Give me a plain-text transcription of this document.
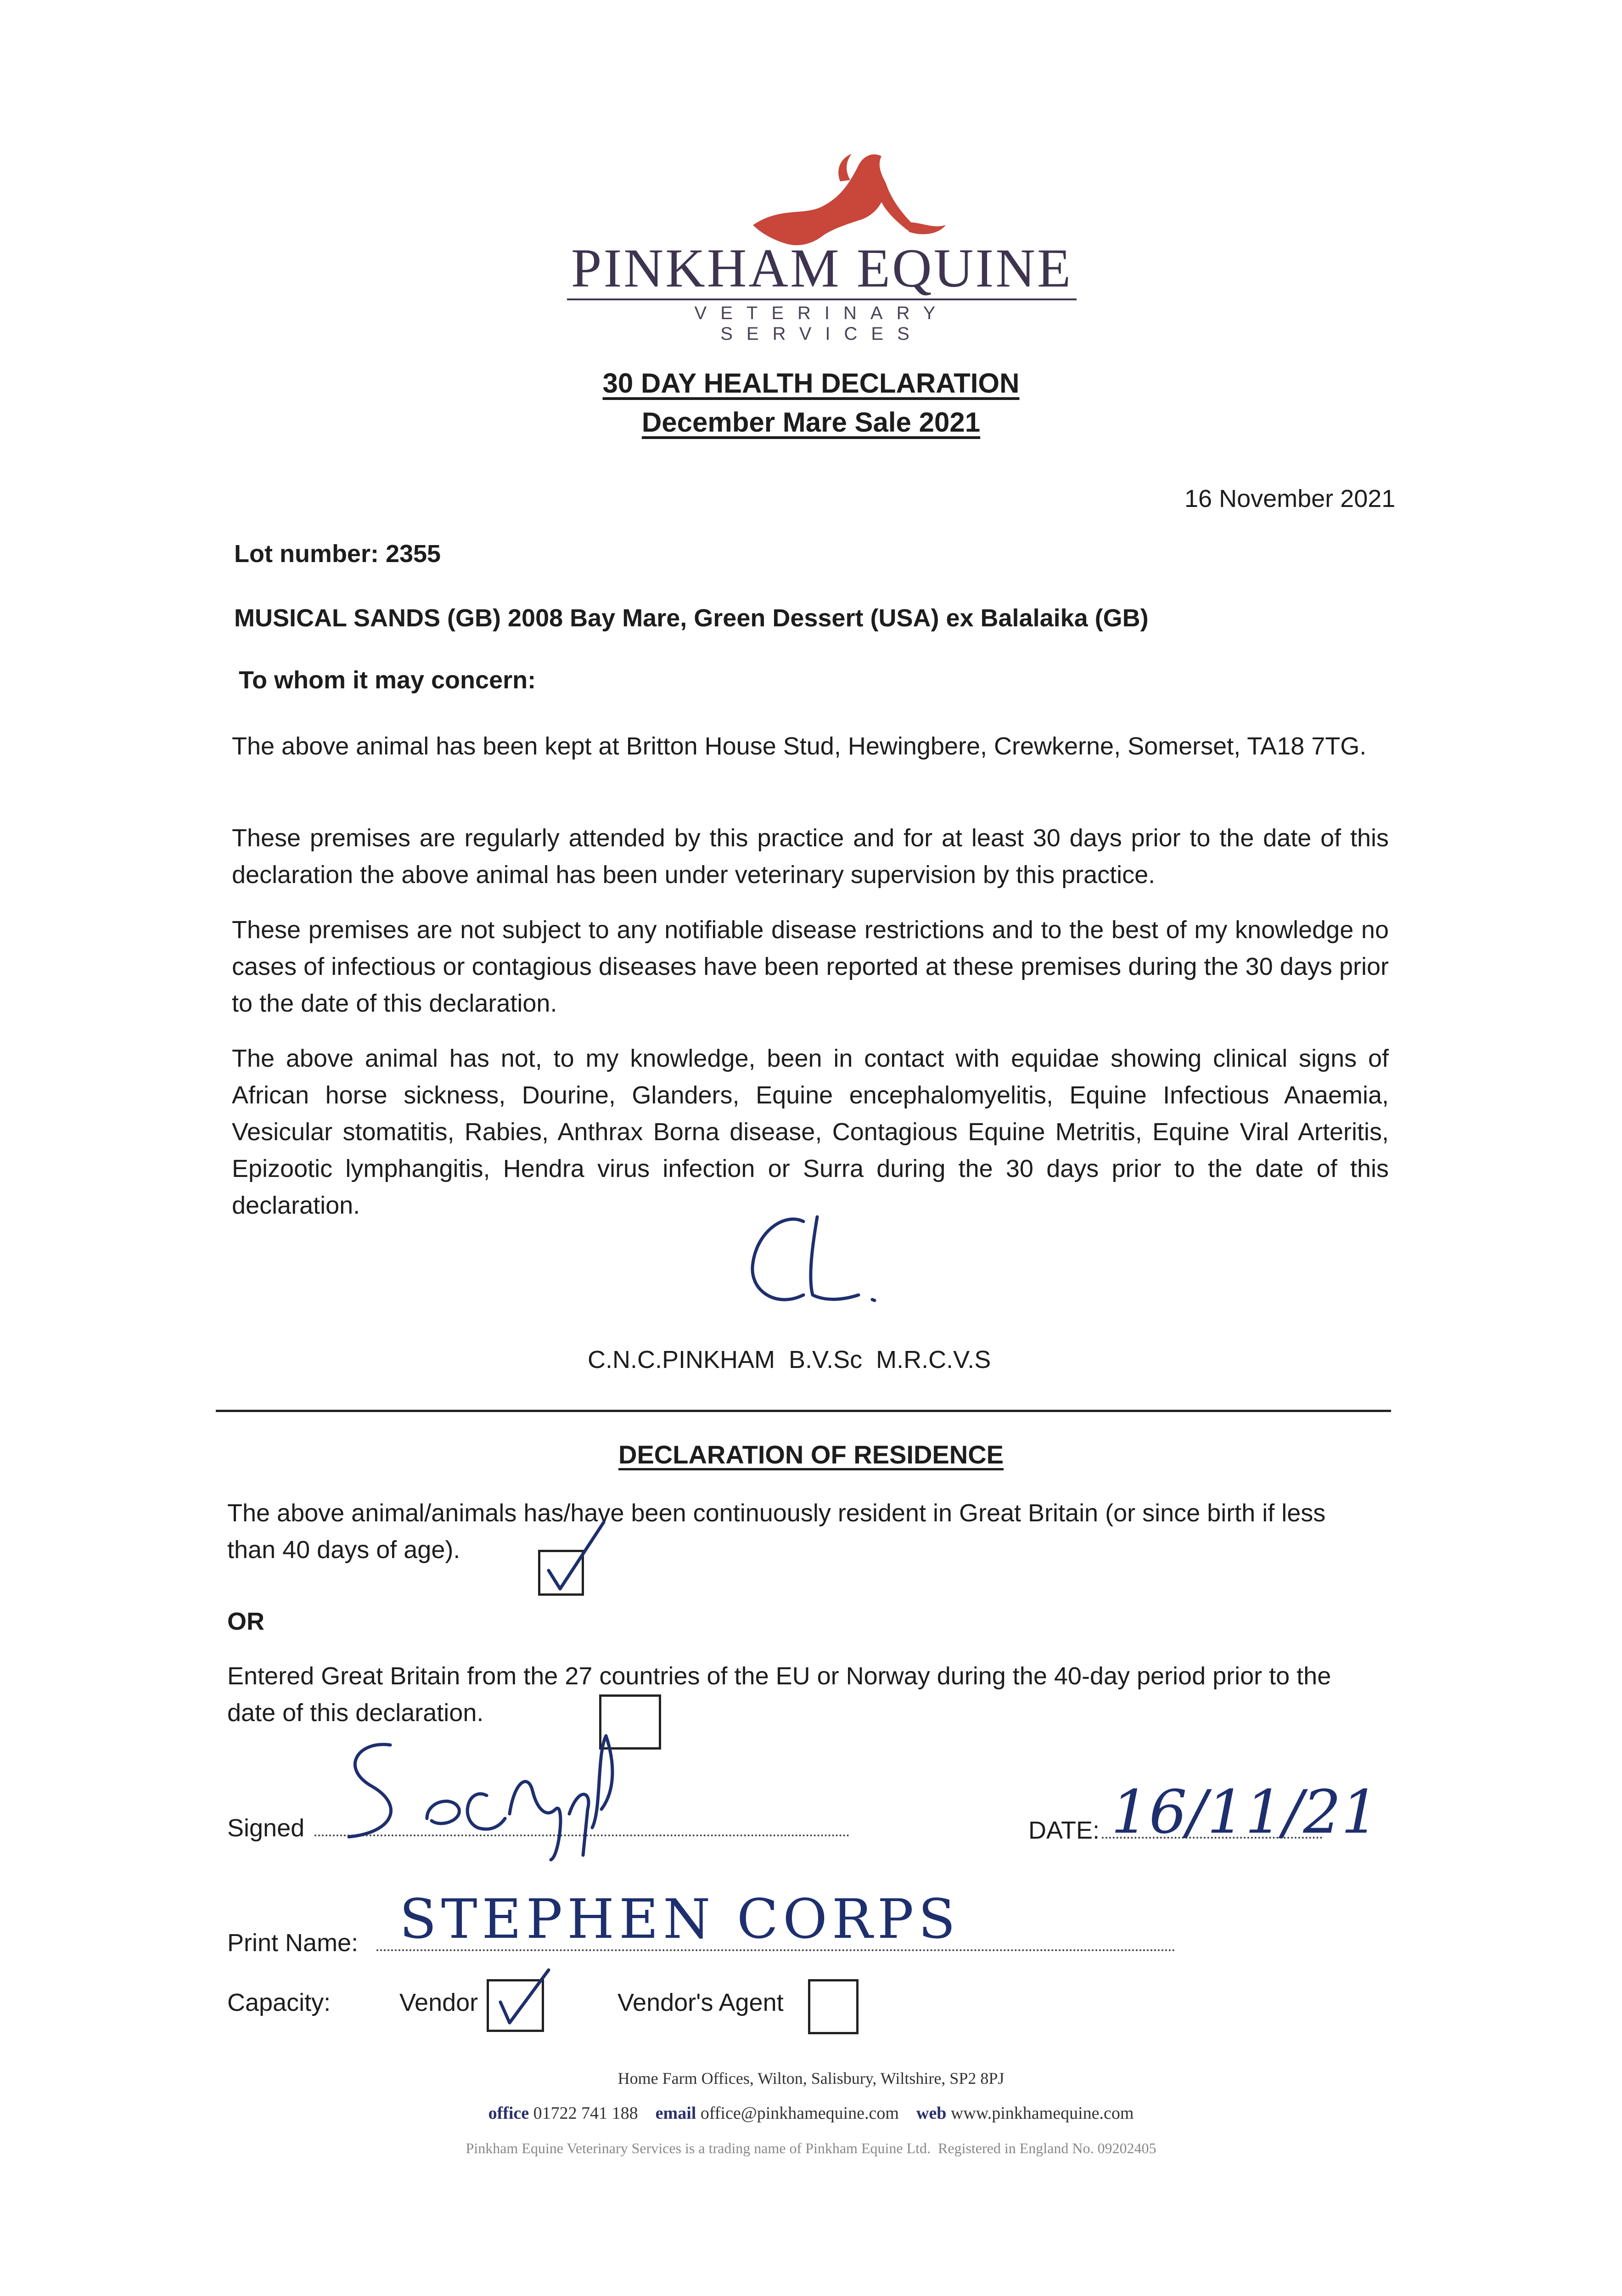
PINKHAM EQUINE
VETERINARY SERVICES
30 DAY HEALTH DECLARATION
December Mare Sale 2021
16 November 2021
Lot number: 2355
MUSICAL SANDS (GB) 2008 Bay Mare, Green Dessert (USA) ex Balalaika (GB)
To whom it may concern:
The above animal has been kept at Britton House Stud, Hewingbere, Crewkerne, Somerset, TA18 7TG.
These premises are regularly attended by this practice and for at least 30 days prior to the date of this declaration the above animal has been under veterinary supervision by this practice.
These premises are not subject to any notifiable disease restrictions and to the best of my knowledge no cases of infectious or contagious diseases have been reported at these premises during the 30 days prior to the date of this declaration.
The above animal has not, to my knowledge, been in contact with equidae showing clinical signs of African horse sickness, Dourine, Glanders, Equine encephalomyelitis, Equine Infectious Anaemia, Vesicular stomatitis, Rabies, Anthrax Borna disease, Contagious Equine Metritis, Equine Viral Arteritis, Epizootic lymphangitis, Hendra virus infection or Surra during the 30 days prior to the date of this declaration.
C.N.C.PINKHAM  B.V.Sc  M.R.C.V.S
DECLARATION OF RESIDENCE
The above animal/animals has/have been continuously resident in Great Britain (or since birth if less than 40 days of age).
OR
Entered Great Britain from the 27 countries of the EU or Norway during the 40-day period prior to the date of this declaration.
Signed	DATE: 16/11/21
Print Name: STEPHEN CORPS
Capacity:	Vendor	Vendor's Agent
Home Farm Offices, Wilton, Salisbury, Wiltshire, SP2 8PJ
office 01722 741 188 email office@pinkhamequine.com web www.pinkhamequine.com
Pinkham Equine Veterinary Services is a trading name of Pinkham Equine Ltd.  Registered in England No. 09202405
